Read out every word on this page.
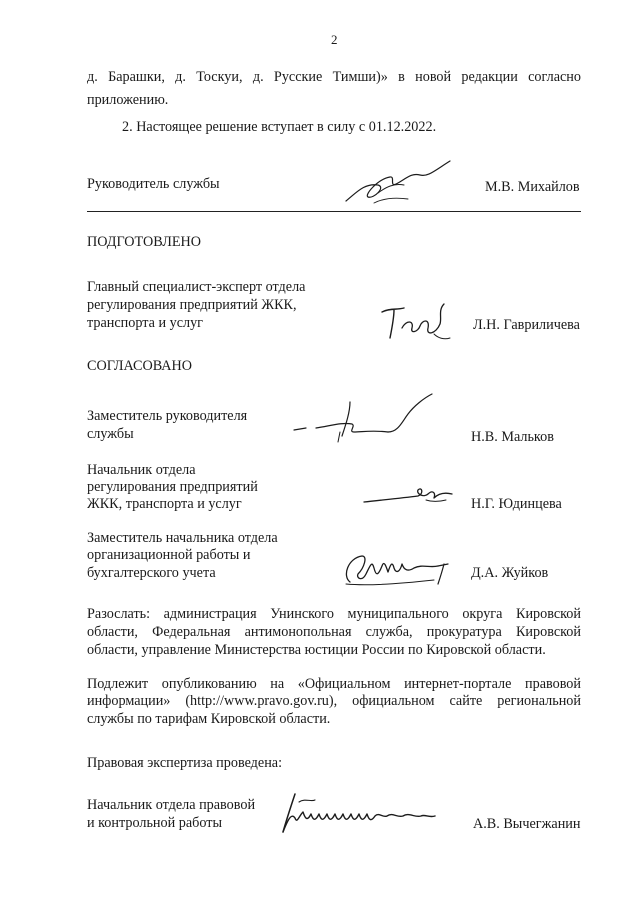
2
д. Барашки, д. Тоскуи, д. Русские Тимши)» в новой редакции согласно
приложению.
2. Настоящее решение вступает в силу с 01.12.2022.
Руководитель службы	М.В. Михайлов
ПОДГОТОВЛЕНО
Главный специалист-эксперт отдела
регулирования предприятий ЖКК,
транспорта и услуг	Л.Н. Гавриличева
СОГЛАСОВАНО
Заместитель руководителя
службы	Н.В. Мальков
Начальник отдела
регулирования предприятий
ЖКК, транспорта и услуг	Н.Г. Юдинцева
Заместитель начальника отдела
организационной работы и
бухгалтерского учета	Д.А. Жуйков
Разослать: администрация Унинского муниципального округа Кировской
области, Федеральная антимонопольная служба, прокуратура Кировской
области, управление Министерства юстиции России по Кировской области.
Подлежит опубликованию на «Официальном интернет-портале правовой
информации» (http://www.pravo.gov.ru), официальном сайте региональной
службы по тарифам Кировской области.
Правовая экспертиза проведена:
Начальник отдела правовой
и контрольной работы	А.В. Вычегжанин
